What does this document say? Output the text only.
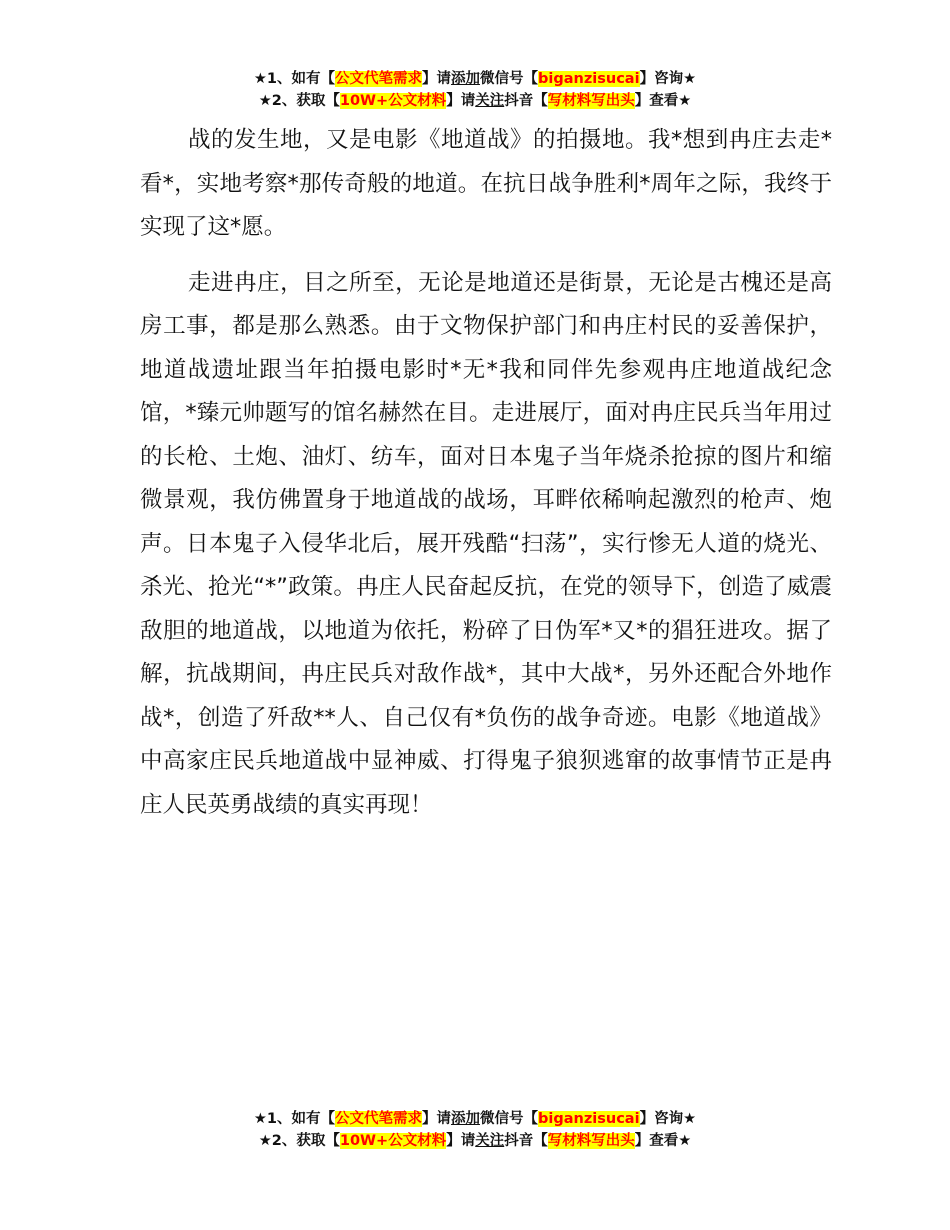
★1、如有【公文代笔需求】请添加微信号【biganzisucai】咨询★
★2、获取【10W+公文材料】请关注抖音【写材料写出头】查看★

战的发生地，又是电影《地道战》的拍摄地。我*想到冉庄去走*看*，实地考察*那传奇般的地道。在抗日战争胜利*周年之际，我终于实现了这*愿。

走进冉庄，目之所至，无论是地道还是街景，无论是古槐还是高房工事，都是那么熟悉。由于文物保护部门和冉庄村民的妥善保护，地道战遗址跟当年拍摄电影时*无*我和同伴先参观冉庄地道战纪念馆，*臻元帅题写的馆名赫然在目。走进展厅，面对冉庄民兵当年用过的长枪、土炮、油灯、纺车，面对日本鬼子当年烧杀抢掠的图片和缩微景观，我仿佛置身于地道战的战场，耳畔依稀响起激烈的枪声、炮声。日本鬼子入侵华北后，展开残酷“扫荡”，实行惨无人道的烧光、杀光、抢光“*”政策。冉庄人民奋起反抗，在党的领导下，创造了威震敌胆的地道战，以地道为依托，粉碎了日伪军*又*的猖狂进攻。据了解，抗战期间，冉庄民兵对敌作战*，其中大战*，另外还配合外地作战*，创造了歼敌**人、自己仅有*负伤的战争奇迹。电影《地道战》中高家庄民兵地道战中显神威、打得鬼子狼狈逃窜的故事情节正是冉庄人民英勇战绩的真实再现！

★1、如有【公文代笔需求】请添加微信号【biganzisucai】咨询★
★2、获取【10W+公文材料】请关注抖音【写材料写出头】查看★
